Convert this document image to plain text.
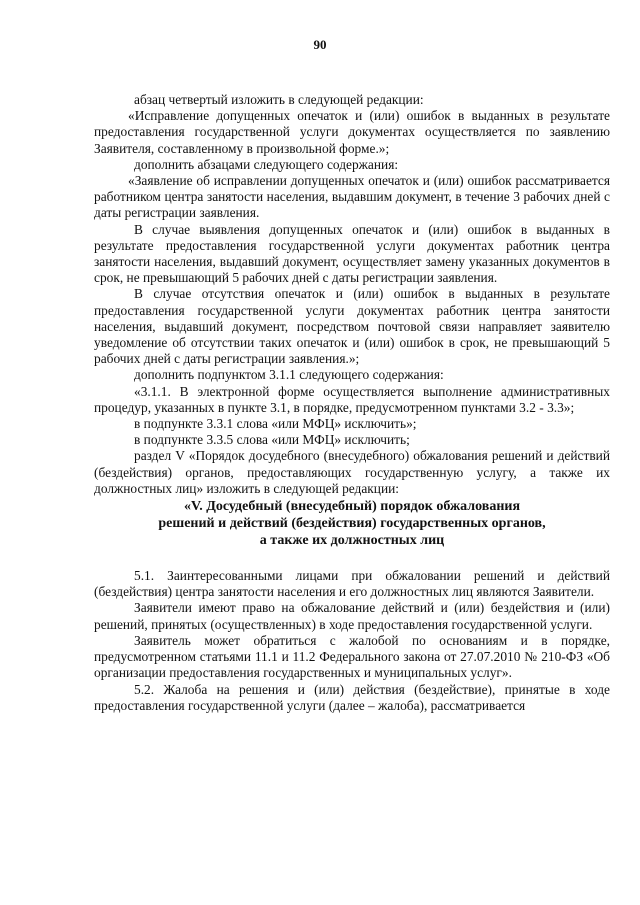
90

абзац четвертый изложить в следующей редакции:

«Исправление допущенных опечаток и (или) ошибок в выданных в результате предоставления государственной услуги документах осуществляется по заявлению Заявителя, составленному в произвольной форме.»;

дополнить абзацами следующего содержания:

«Заявление об исправлении допущенных опечаток и (или) ошибок рассматривается работником центра занятости населения, выдавшим документ, в течение 3 рабочих дней с даты регистрации заявления.

В случае выявления допущенных опечаток и (или) ошибок в выданных в результате предоставления государственной услуги документах работник центра занятости населения, выдавший документ, осуществляет замену указанных документов в срок, не превышающий 5 рабочих дней с даты регистрации заявления.

В случае отсутствия опечаток и (или) ошибок в выданных в результате предоставления государственной услуги документах работник центра занятости населения, выдавший документ, посредством почтовой связи направляет заявителю уведомление об отсутствии таких опечаток и (или) ошибок в срок, не превышающий 5 рабочих дней с даты регистрации заявления.»;

дополнить подпунктом 3.1.1 следующего содержания:

«3.1.1. В электронной форме осуществляется выполнение административных процедур, указанных в пункте 3.1, в порядке, предусмотренном пунктами 3.2 - 3.3»;

в подпункте 3.3.1 слова «или МФЦ» исключить»;

в подпункте 3.3.5 слова «или МФЦ» исключить;

раздел V «Порядок досудебного (внесудебного) обжалования решений и действий (бездействия) органов, предоставляющих государственную услугу, а также их должностных лиц» изложить в следующей редакции:

«V. Досудебный (внесудебный) порядок обжалования
решений и действий (бездействия) государственных органов,
а также их должностных лиц

5.1. Заинтересованными лицами при обжаловании решений и действий (бездействия) центра занятости населения и его должностных лиц являются Заявители.

Заявители имеют право на обжалование действий и (или) бездействия и (или) решений, принятых (осуществленных) в ходе предоставления государственной услуги.

Заявитель может обратиться с жалобой по основаниям и в порядке, предусмотренном статьями 11.1 и 11.2 Федерального закона от 27.07.2010 № 210-ФЗ «Об организации предоставления государственных и муниципальных услуг».

5.2. Жалоба на решения и (или) действия (бездействие), принятые в ходе предоставления государственной услуги (далее – жалоба), рассматривается
